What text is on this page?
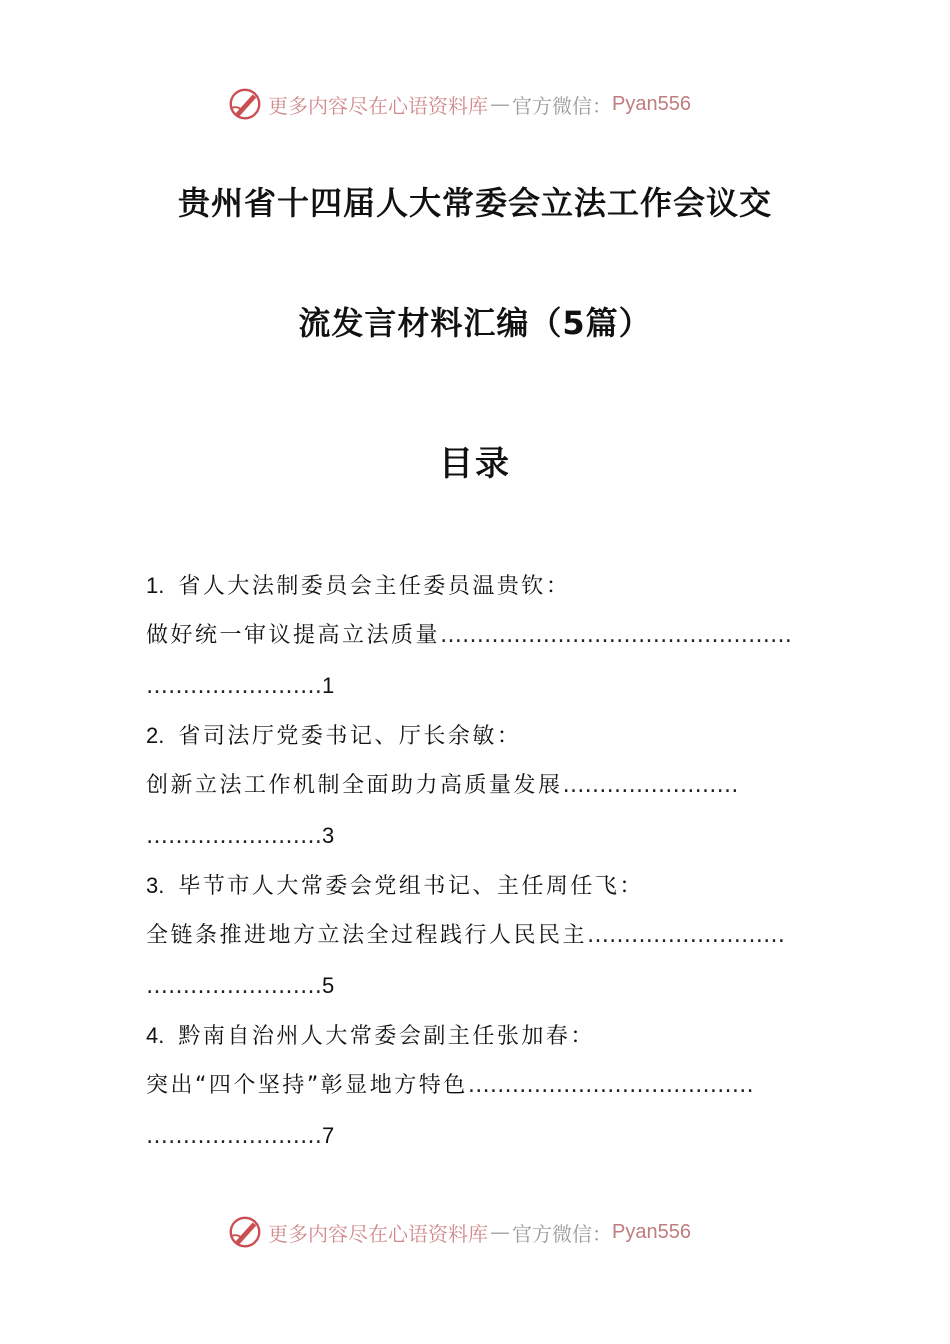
更多内容尽在心语资料库 — 官方微信： Pyan556
贵州省十四届人大常委会立法工作会议交
流发言材料汇编（5篇）
目录
1. 省人大法制委员会主任委员温贵钦：
做好统一审议提高立法质量…………………………………………
……………………1
2. 省司法厅党委书记、厅长余敏：
创新立法工作机制全面助力高质量发展……………………
……………………3
3. 毕节市人大常委会党组书记、主任周任飞：
全链条推进地方立法全过程践行人民民主………………………
……………………5
4. 黔南自治州人大常委会副主任张加春：
突出“四个坚持”彰显地方特色…………………………………
……………………7
更多内容尽在心语资料库 — 官方微信： Pyan556
